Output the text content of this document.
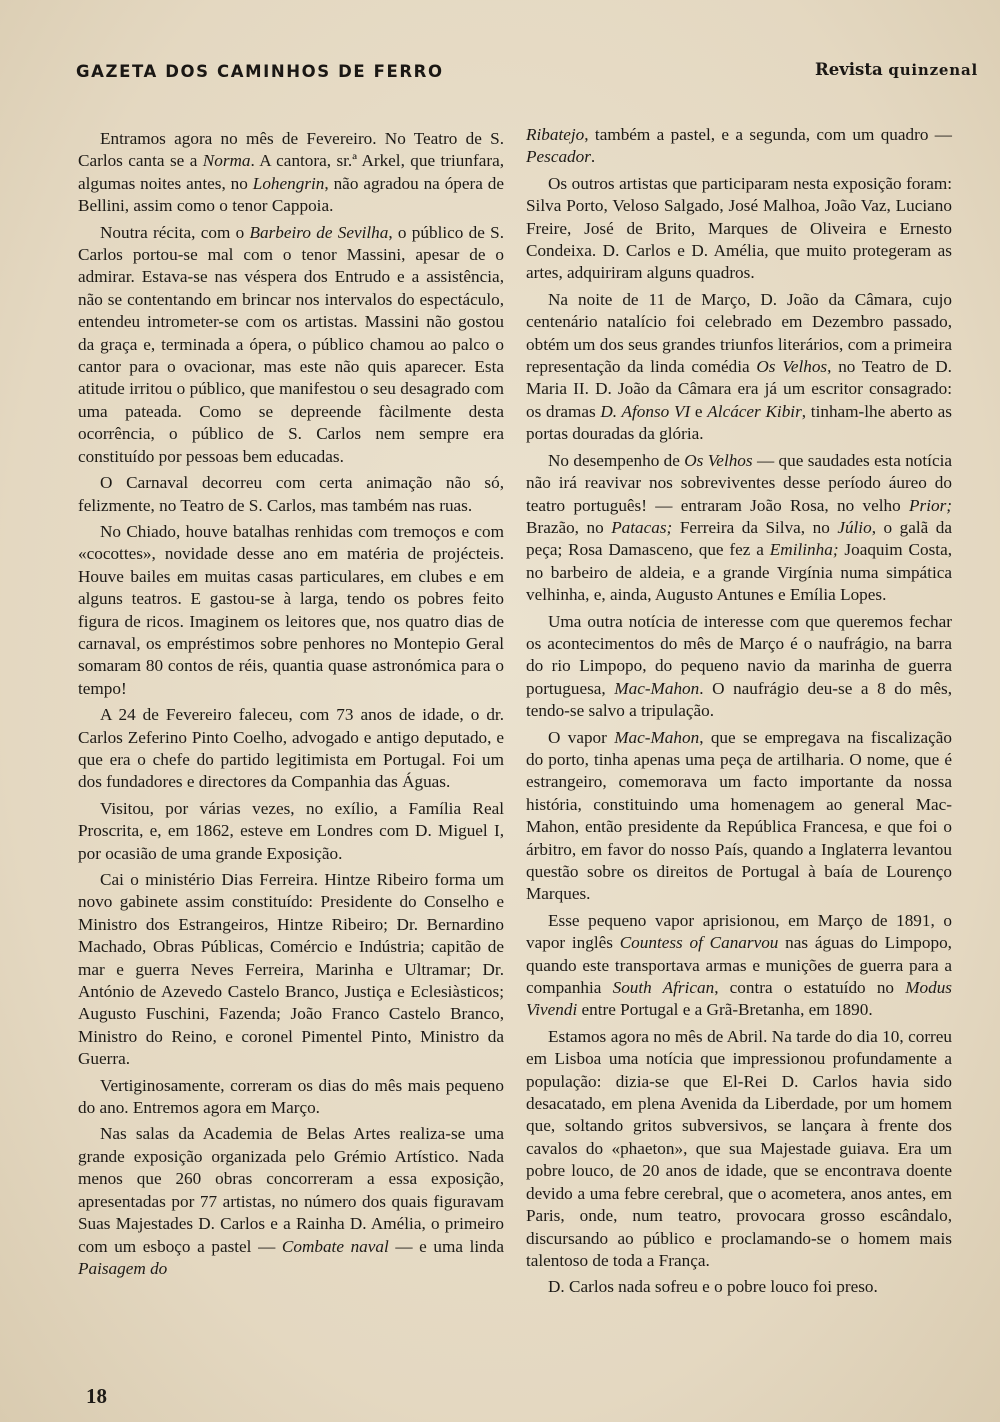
GAZETA DOS CAMINHOS DE FERRO	Revista quinzenal

Entramos agora no mês de Fevereiro. No Teatro de S. Carlos canta se a Norma. A cantora, sr.ª Arkel, que triunfara, algumas noites antes, no Lohengrin, não agradou na ópera de Bellini, assim como o tenor Cappoia.

Noutra récita, com o Barbeiro de Sevilha, o público de S. Carlos portou-se mal com o tenor Massini, apesar de o admirar. Estava-se nas véspera dos Entrudo e a assistência, não se contentando em brincar nos intervalos do espectáculo, entendeu intrometer-se com os artistas. Massini não gostou da graça e, terminada a ópera, o público chamou ao palco o cantor para o ovacionar, mas este não quis aparecer. Esta atitude irritou o público, que manifestou o seu desagrado com uma pateada. Como se depreende fàcilmente desta ocorrência, o público de S. Carlos nem sempre era constituído por pessoas bem educadas.

O Carnaval decorreu com certa animação não só, felizmente, no Teatro de S. Carlos, mas também nas ruas.

No Chiado, houve batalhas renhidas com tremoços e com «cocottes», novidade desse ano em matéria de projécteis. Houve bailes em muitas casas particulares, em clubes e em alguns teatros. E gastou-se à larga, tendo os pobres feito figura de ricos. Imaginem os leitores que, nos quatro dias de carnaval, os empréstimos sobre penhores no Montepio Geral somaram 80 contos de réis, quantia quase astronómica para o tempo!

A 24 de Fevereiro faleceu, com 73 anos de idade, o dr. Carlos Zeferino Pinto Coelho, advogado e antigo deputado, e que era o chefe do partido legitimista em Portugal. Foi um dos fundadores e directores da Companhia das Águas.

Visitou, por várias vezes, no exílio, a Família Real Proscrita, e, em 1862, esteve em Londres com D. Miguel I, por ocasião de uma grande Exposição.

Cai o ministério Dias Ferreira. Hintze Ribeiro forma um novo gabinete assim constituído: Presidente do Conselho e Ministro dos Estrangeiros, Hintze Ribeiro; Dr. Bernardino Machado, Obras Públicas, Comércio e Indústria; capitão de mar e guerra Neves Ferreira, Marinha e Ultramar; Dr. António de Azevedo Castelo Branco, Justiça e Eclesiàsticos; Augusto Fuschini, Fazenda; João Franco Castelo Branco, Ministro do Reino, e coronel Pimentel Pinto, Ministro da Guerra.

Vertiginosamente, correram os dias do mês mais pequeno do ano. Entremos agora em Março.

Nas salas da Academia de Belas Artes realiza-se uma grande exposição organizada pelo Grémio Artístico. Nada menos que 260 obras concorreram a essa exposição, apresentadas por 77 artistas, no número dos quais figuravam Suas Majestades D. Carlos e a Rainha D. Amélia, o primeiro com um esboço a pastel — Combate naval — e uma linda Paisagem do

Ribatejo, também a pastel, e a segunda, com um quadro — Pescador.

Os outros artistas que participaram nesta exposição foram: Silva Porto, Veloso Salgado, José Malhoa, João Vaz, Luciano Freire, José de Brito, Marques de Oliveira e Ernesto Condeixa. D. Carlos e D. Amélia, que muito protegeram as artes, adquiriram alguns quadros.

Na noite de 11 de Março, D. João da Câmara, cujo centenário natalício foi celebrado em Dezembro passado, obtém um dos seus grandes triunfos literários, com a primeira representação da linda comédia Os Velhos, no Teatro de D. Maria II. D. João da Câmara era já um escritor consagrado: os dramas D. Afonso VI e Alcácer Kibir, tinham-lhe aberto as portas douradas da glória.

No desempenho de Os Velhos — que saudades esta notícia não irá reavivar nos sobreviventes desse período áureo do teatro português! — entraram João Rosa, no velho Prior; Brazão, no Patacas; Ferreira da Silva, no Júlio, o galã da peça; Rosa Damasceno, que fez a Emilinha; Joaquim Costa, no barbeiro de aldeia, e a grande Virgínia numa simpática velhinha, e, ainda, Augusto Antunes e Emília Lopes.

Uma outra notícia de interesse com que queremos fechar os acontecimentos do mês de Março é o naufrágio, na barra do rio Limpopo, do pequeno navio da marinha de guerra portuguesa, Mac-Mahon. O naufrágio deu-se a 8 do mês, tendo-se salvo a tripulação.

O vapor Mac-Mahon, que se empregava na fiscalização do porto, tinha apenas uma peça de artilharia. O nome, que é estrangeiro, comemorava um facto importante da nossa história, constituindo uma homenagem ao general Mac-Mahon, então presidente da República Francesa, e que foi o árbitro, em favor do nosso País, quando a Inglaterra levantou questão sobre os direitos de Portugal à baía de Lourenço Marques.

Esse pequeno vapor aprisionou, em Março de 1891, o vapor inglês Countess of Canarvou nas águas do Limpopo, quando este transportava armas e munições de guerra para a companhia South African, contra o estatuído no Modus Vivendi entre Portugal e a Grã-Bretanha, em 1890.

Estamos agora no mês de Abril. Na tarde do dia 10, correu em Lisboa uma notícia que impressionou profundamente a população: dizia-se que El-Rei D. Carlos havia sido desacatado, em plena Avenida da Liberdade, por um homem que, soltando gritos subversivos, se lançara à frente dos cavalos do «phaeton», que sua Majestade guiava. Era um pobre louco, de 20 anos de idade, que se encontrava doente devido a uma febre cerebral, que o acometera, anos antes, em Paris, onde, num teatro, provocara grosso escândalo, discursando ao público e proclamando-se o homem mais talentoso de toda a França.

D. Carlos nada sofreu e o pobre louco foi preso.

18
